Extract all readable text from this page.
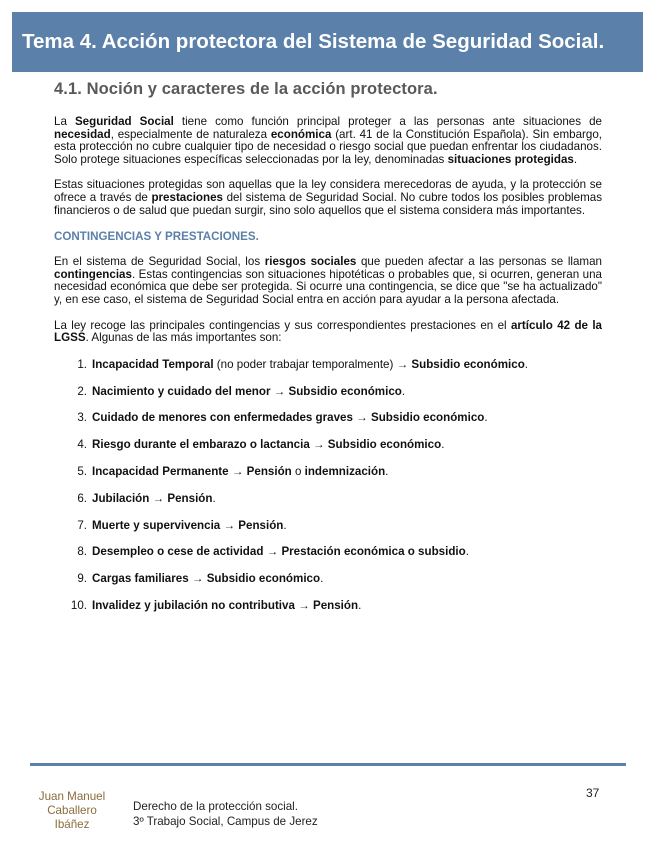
Tema 4. Acción protectora del Sistema de Seguridad Social.
4.1. Noción y caracteres de la acción protectora.

La Seguridad Social tiene como función principal proteger a las personas ante situaciones de necesidad, especialmente de naturaleza económica (art. 41 de la Constitución Española). Sin embargo, esta protección no cubre cualquier tipo de necesidad o riesgo social que puedan enfrentar los ciudadanos. Solo protege situaciones específicas seleccionadas por la ley, denominadas situaciones protegidas.

Estas situaciones protegidas son aquellas que la ley considera merecedoras de ayuda, y la protección se ofrece a través de prestaciones del sistema de Seguridad Social. No cubre todos los posibles problemas financieros o de salud que puedan surgir, sino solo aquellos que el sistema considera más importantes.

CONTINGENCIAS Y PRESTACIONES.

En el sistema de Seguridad Social, los riesgos sociales que pueden afectar a las personas se llaman contingencias. Estas contingencias son situaciones hipotéticas o probables que, si ocurren, generan una necesidad económica que debe ser protegida. Si ocurre una contingencia, se dice que "se ha actualizado" y, en ese caso, el sistema de Seguridad Social entra en acción para ayudar a la persona afectada.

La ley recoge las principales contingencias y sus correspondientes prestaciones en el artículo 42 de la LGSS. Algunas de las más importantes son:

1. Incapacidad Temporal (no poder trabajar temporalmente) → Subsidio económico.
2. Nacimiento y cuidado del menor → Subsidio económico.
3. Cuidado de menores con enfermedades graves → Subsidio económico.
4. Riesgo durante el embarazo o lactancia → Subsidio económico.
5. Incapacidad Permanente → Pensión o indemnización.
6. Jubilación → Pensión.
7. Muerte y supervivencia → Pensión.
8. Desempleo o cese de actividad → Prestación económica o subsidio.
9. Cargas familiares → Subsidio económico.
10. Invalidez y jubilación no contributiva → Pensión.
37
Juan Manuel
Caballero
Ibáñez
Derecho de la protección social.
3º Trabajo Social, Campus de Jerez
